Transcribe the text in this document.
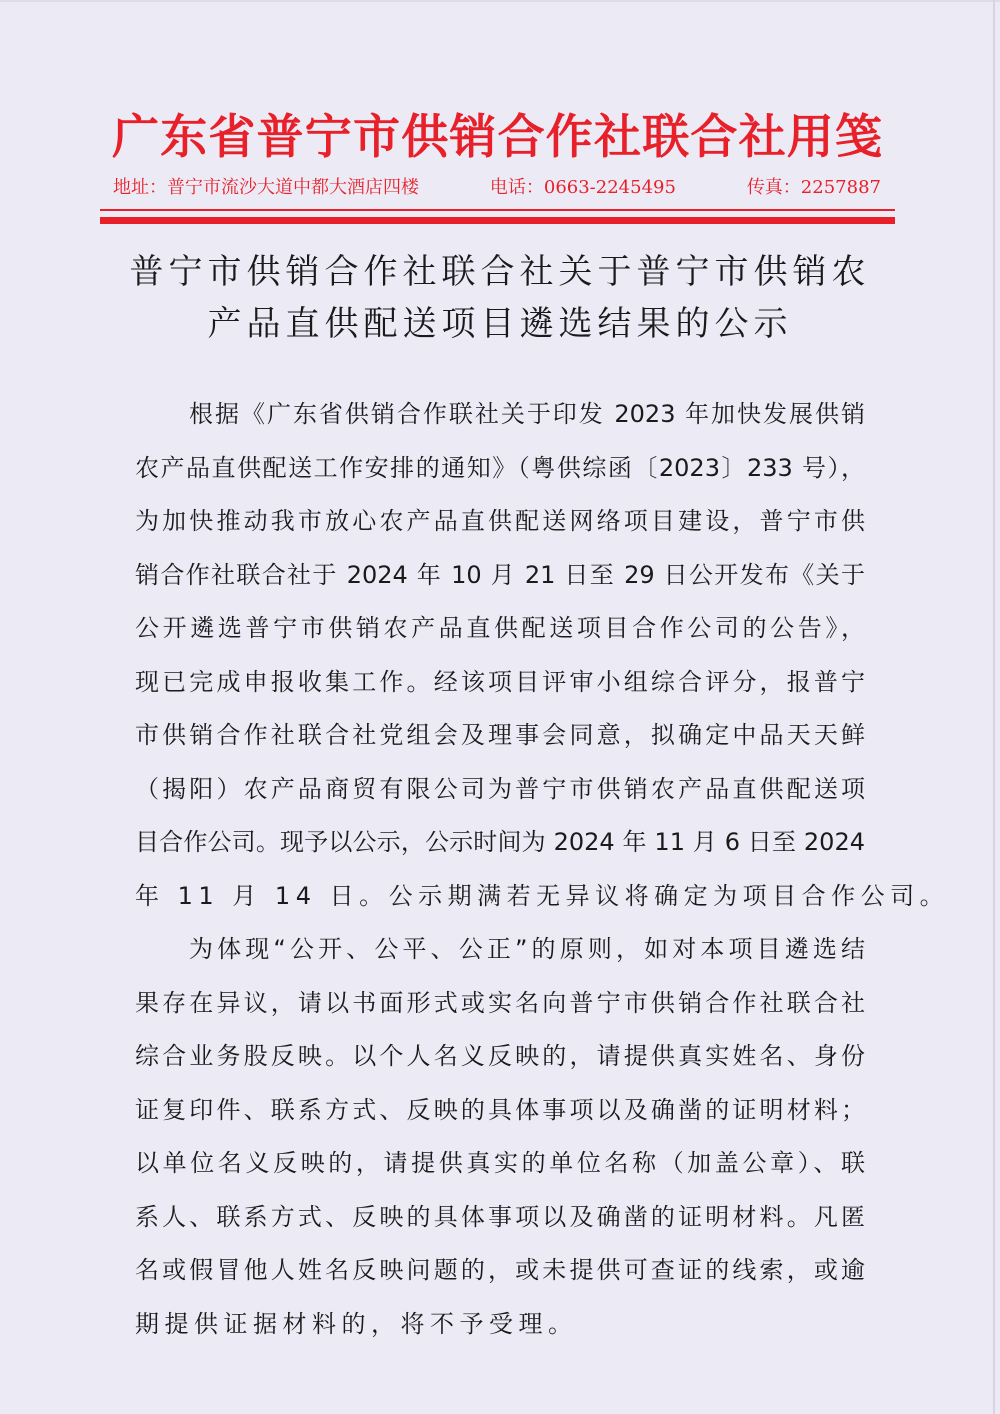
广东省普宁市供销合作社联合社用笺
地址：普宁市流沙大道中都大酒店四楼	电话：0663-2245495	传真：2257887
普宁市供销合作社联合社关于普宁市供销农
产品直供配送项目遴选结果的公示
根据《广东省供销合作联社关于印发 2023 年加快发展供销
农产品直供配送工作安排的通知》（粤供综函〔2023〕233 号），
为加快推动我市放心农产品直供配送网络项目建设，普宁市供
销合作社联合社于 2024 年 10 月 21 日至 29 日公开发布《关于
公开遴选普宁市供销农产品直供配送项目合作公司的公告》，
现已完成申报收集工作。经该项目评审小组综合评分，报普宁
市供销合作社联合社党组会及理事会同意，拟确定中品天天鲜
（揭阳）农产品商贸有限公司为普宁市供销农产品直供配送项
目合作公司。现予以公示，公示时间为 2024 年 11 月 6 日至 2024
年 11 月 14 日。公示期满若无异议将确定为项目合作公司。
为体现“公开、公平、公正”的原则，如对本项目遴选结
果存在异议，请以书面形式或实名向普宁市供销合作社联合社
综合业务股反映。以个人名义反映的，请提供真实姓名、身份
证复印件、联系方式、反映的具体事项以及确凿的证明材料；
以单位名义反映的，请提供真实的单位名称（加盖公章）、联
系人、联系方式、反映的具体事项以及确凿的证明材料。凡匿
名或假冒他人姓名反映问题的，或未提供可查证的线索，或逾
期提供证据材料的，将不予受理。
